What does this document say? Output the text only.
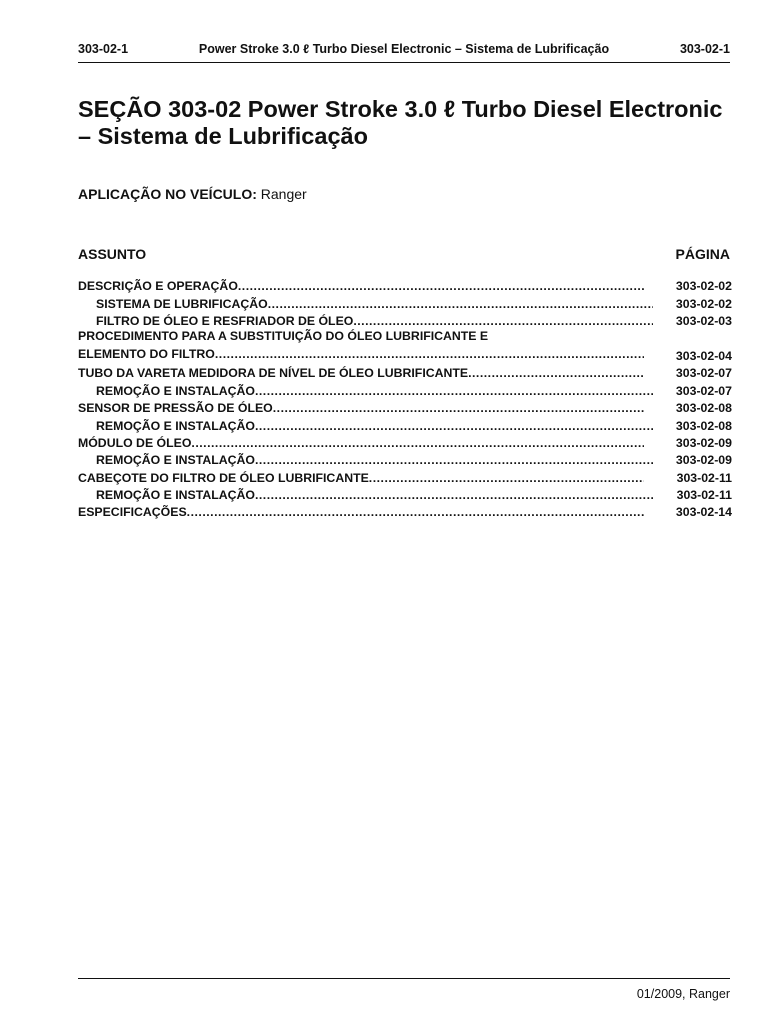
303-02-1	Power Stroke 3.0 ℓ Turbo Diesel Electronic – Sistema de Lubrificação	303-02-1
SEÇÃO 303-02 Power Stroke 3.0 ℓ Turbo Diesel Electronic – Sistema de Lubrificação
APLICAÇÃO NO VEÍCULO: Ranger
ASSUNTO	PÁGINA
DESCRIÇÃO E OPERAÇÃO .....	303-02-02
SISTEMA DE LUBRIFICAÇÃO .....	303-02-02
FILTRO DE ÓLEO E RESFRIADOR DE ÓLEO .....	303-02-03
PROCEDIMENTO PARA A SUBSTITUIÇÃO DO ÓLEO LUBRIFICANTE E
ELEMENTO DO FILTRO .....	303-02-04
TUBO DA VARETA MEDIDORA DE NÍVEL DE ÓLEO LUBRIFICANTE .....	303-02-07
REMOÇÃO E INSTALAÇÃO .....	303-02-07
SENSOR DE PRESSÃO DE ÓLEO .....	303-02-08
REMOÇÃO E INSTALAÇÃO .....	303-02-08
MÓDULO DE ÓLEO .....	303-02-09
REMOÇÃO E INSTALAÇÃO .....	303-02-09
CABEÇOTE DO FILTRO DE ÓLEO LUBRIFICANTE .....	303-02-11
REMOÇÃO E INSTALAÇÃO .....	303-02-11
ESPECIFICAÇÕES .....	303-02-14
01/2009, Ranger
